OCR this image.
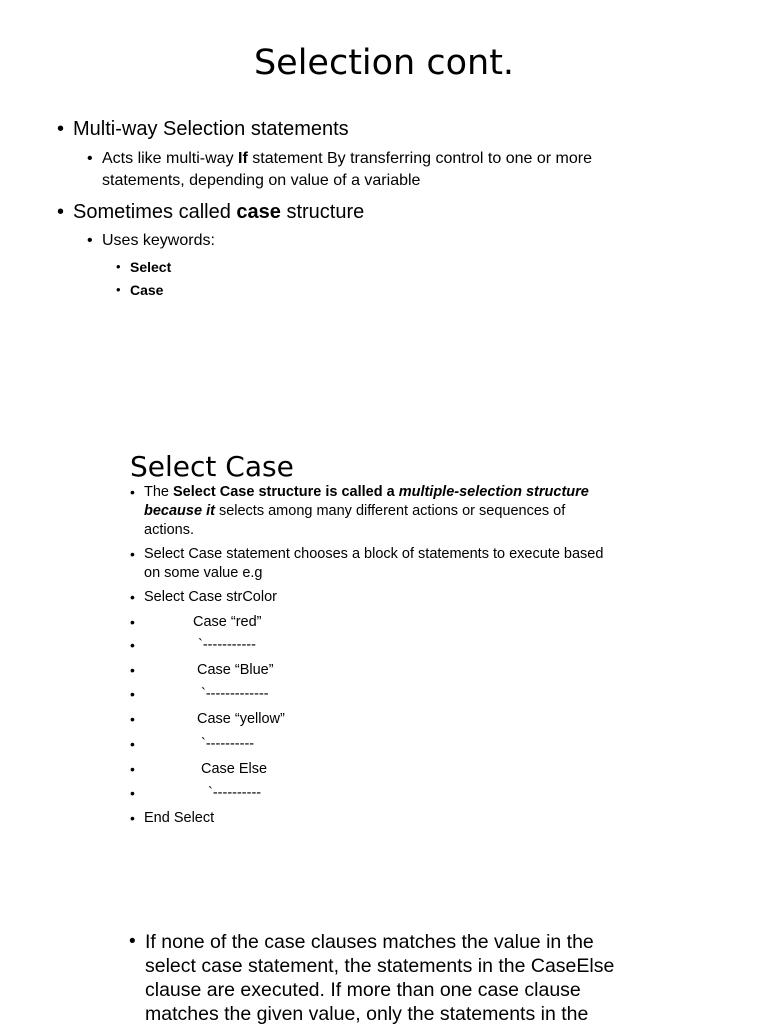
Selection cont.
• Multi-way Selection statements
• Acts like multi-way If statement By transferring control to one or more
statements, depending on value of a variable
• Sometimes called case structure
• Uses keywords:
• Select
• Case
Select Case
• The Select Case structure is called a multiple-selection structure
because it selects among many different actions or sequences of
actions.
• Select Case statement chooses a block of statements to execute based
on some value e.g
• Select Case strColor
•	Case “red”
•	`-----------
•	Case “Blue”
•	`-------------
•	Case “yellow”
•	`----------
•	Case Else
•	`----------
• End Select
• If none of the case clauses matches the value in the
select case statement, the statements in the CaseElse
clause are executed. If more than one case clause
matches the given value, only the statements in the
